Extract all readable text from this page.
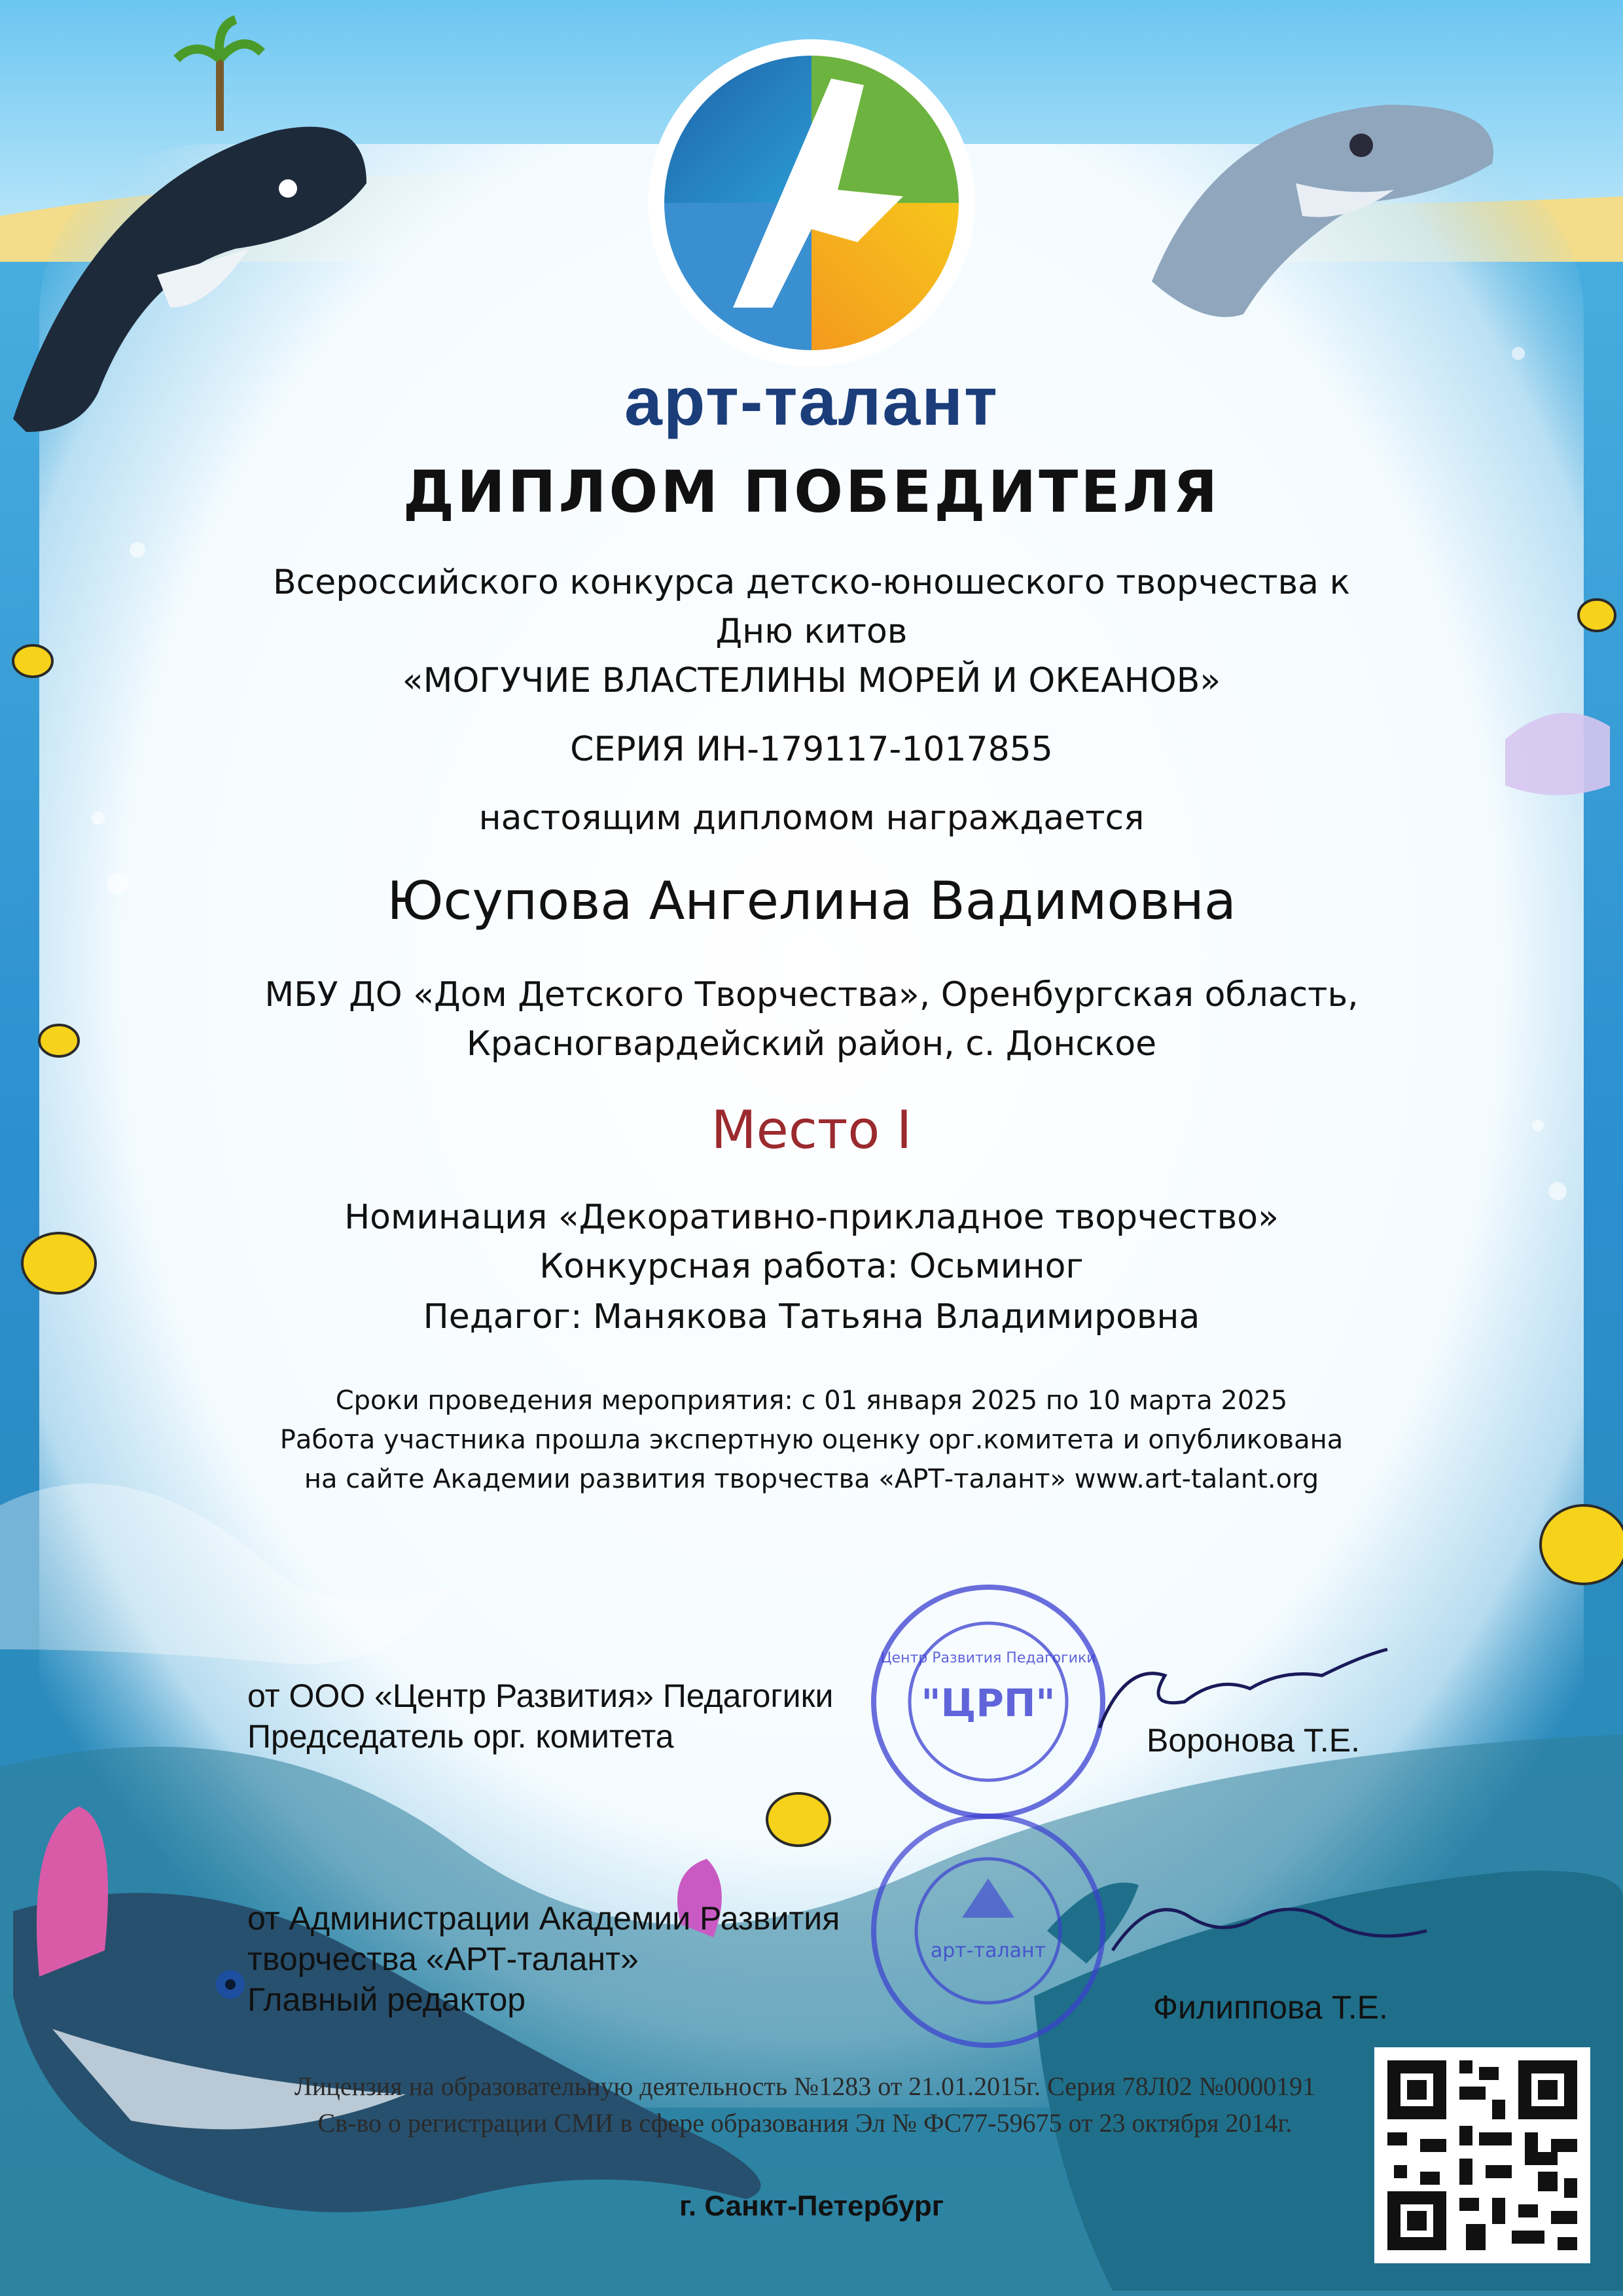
арт-талант
ДИПЛОМ ПОБЕДИТЕЛЯ
Всероссийского конкурса детско-юношеского творчества к
Дню китов
«МОГУЧИЕ ВЛАСТЕЛИНЫ МОРЕЙ И ОКЕАНОВ»
СЕРИЯ ИН-179117-1017855
настоящим дипломом награждается
Юсупова Ангелина Вадимовна
МБУ ДО «Дом Детского Творчества», Оренбургская область,
Красногвардейский район, с. Донское
Место I
Номинация «Декоративно-прикладное творчество»
Конкурсная работа: Осьминог
Педагог: Манякова Татьяна Владимировна
Сроки проведения мероприятия: с 01 января 2025 по 10 марта 2025
Работа участника прошла экспертную оценку орг.комитета и опубликована
на сайте Академии развития творчества «АРТ-талант» www.art-talant.org
"ЦРП"
Центр Развития Педагогики
арт-талант
от ООО «Центр Развития» Педагогики
Председатель орг. комитета	Воронова Т.Е.
от Администрации Академии Развития
творчества «АРТ-талант»
Главный редактор	Филиппова Т.Е.
Лицензия на образовательную деятельность №1283 от 21.01.2015г. Серия 78Л02 №0000191
Св-во о регистрации СМИ в сфере образования Эл № ФС77-59675 от 23 октября 2014г.
г. Санкт-Петербург
